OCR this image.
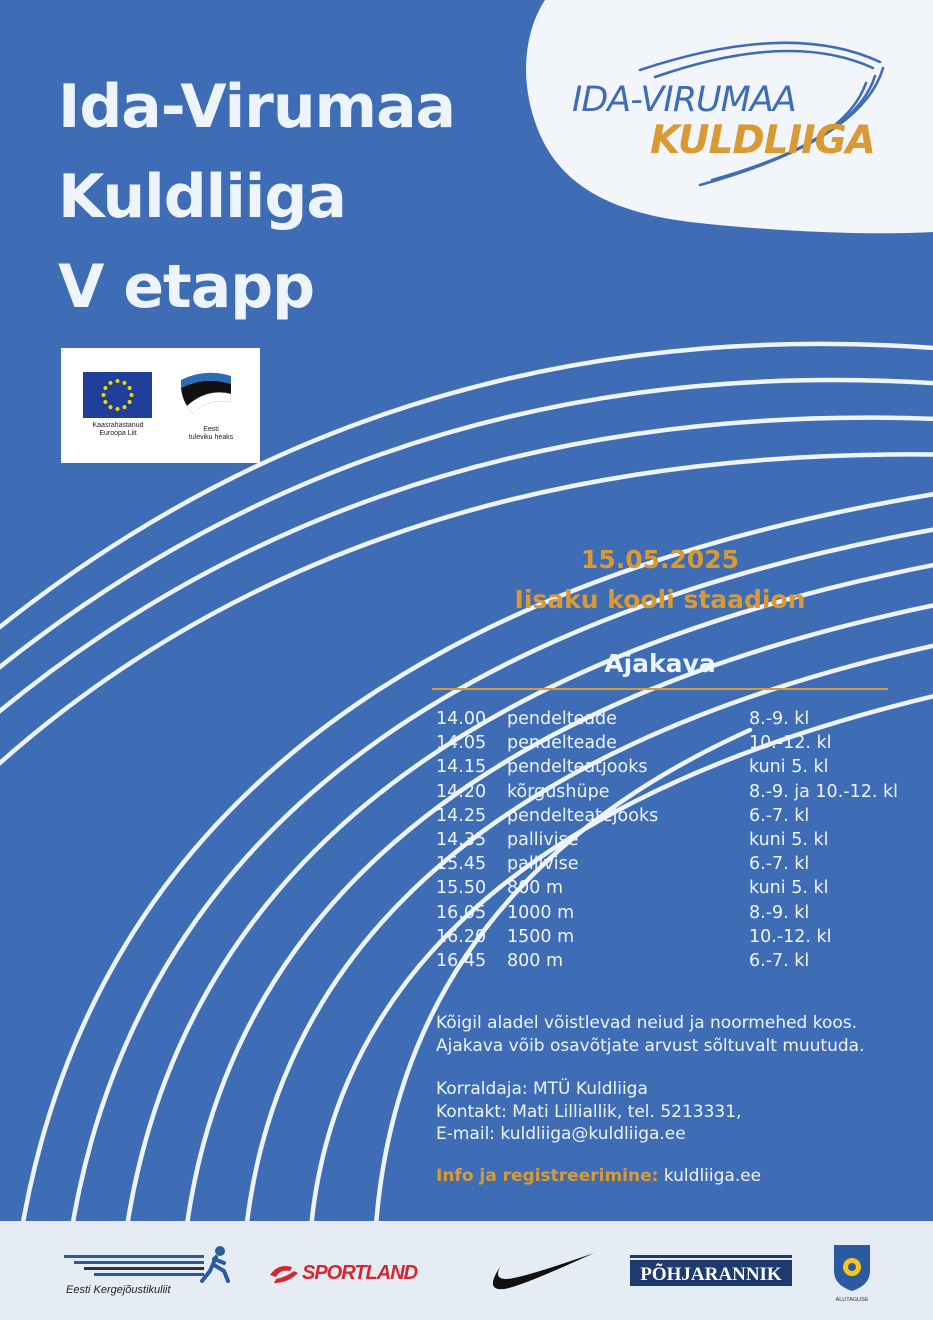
IDA-VIRUMAA
KULDLIIGA
Ida-Virumaa
Kuldliiga
V etapp
Kaasrahastanud
Euroopa Liit
Eesti
tuleviku heaks
15.05.2025
Iisaku kooli staadion
Ajakava
14.00 pendelteade	8.-9. kl
14.05 pendelteade	10.-12. kl
14.15 pendelteatjooks	kuni 5. kl
14.20 kõrgushüpe	8.-9. ja 10.-12. kl
14.25 pendelteatejooks	6.-7. kl
14.35 pallivise	kuni 5. kl
15.45 pallivise	6.-7. kl
15.50 800 m	kuni 5. kl
16.05 1000 m	8.-9. kl
16.20 1500 m	10.-12. kl
16.45 800 m	6.-7. kl
Kõigil aladel võistlevad neiud ja noormehed koos.
Ajakava võib osavõtjate arvust sõltuvalt muutuda.
Korraldaja: MTÜ Kuldliiga
Kontakt: Mati Lilliallik, tel. 5213331,
E-mail: kuldliiga@kuldliiga.ee
Info ja registreerimine: kuldliiga.ee
Eesti Kergejõustikuliit
SPORTLAND	PÕHJARANNIK
ALUTAGUSE
